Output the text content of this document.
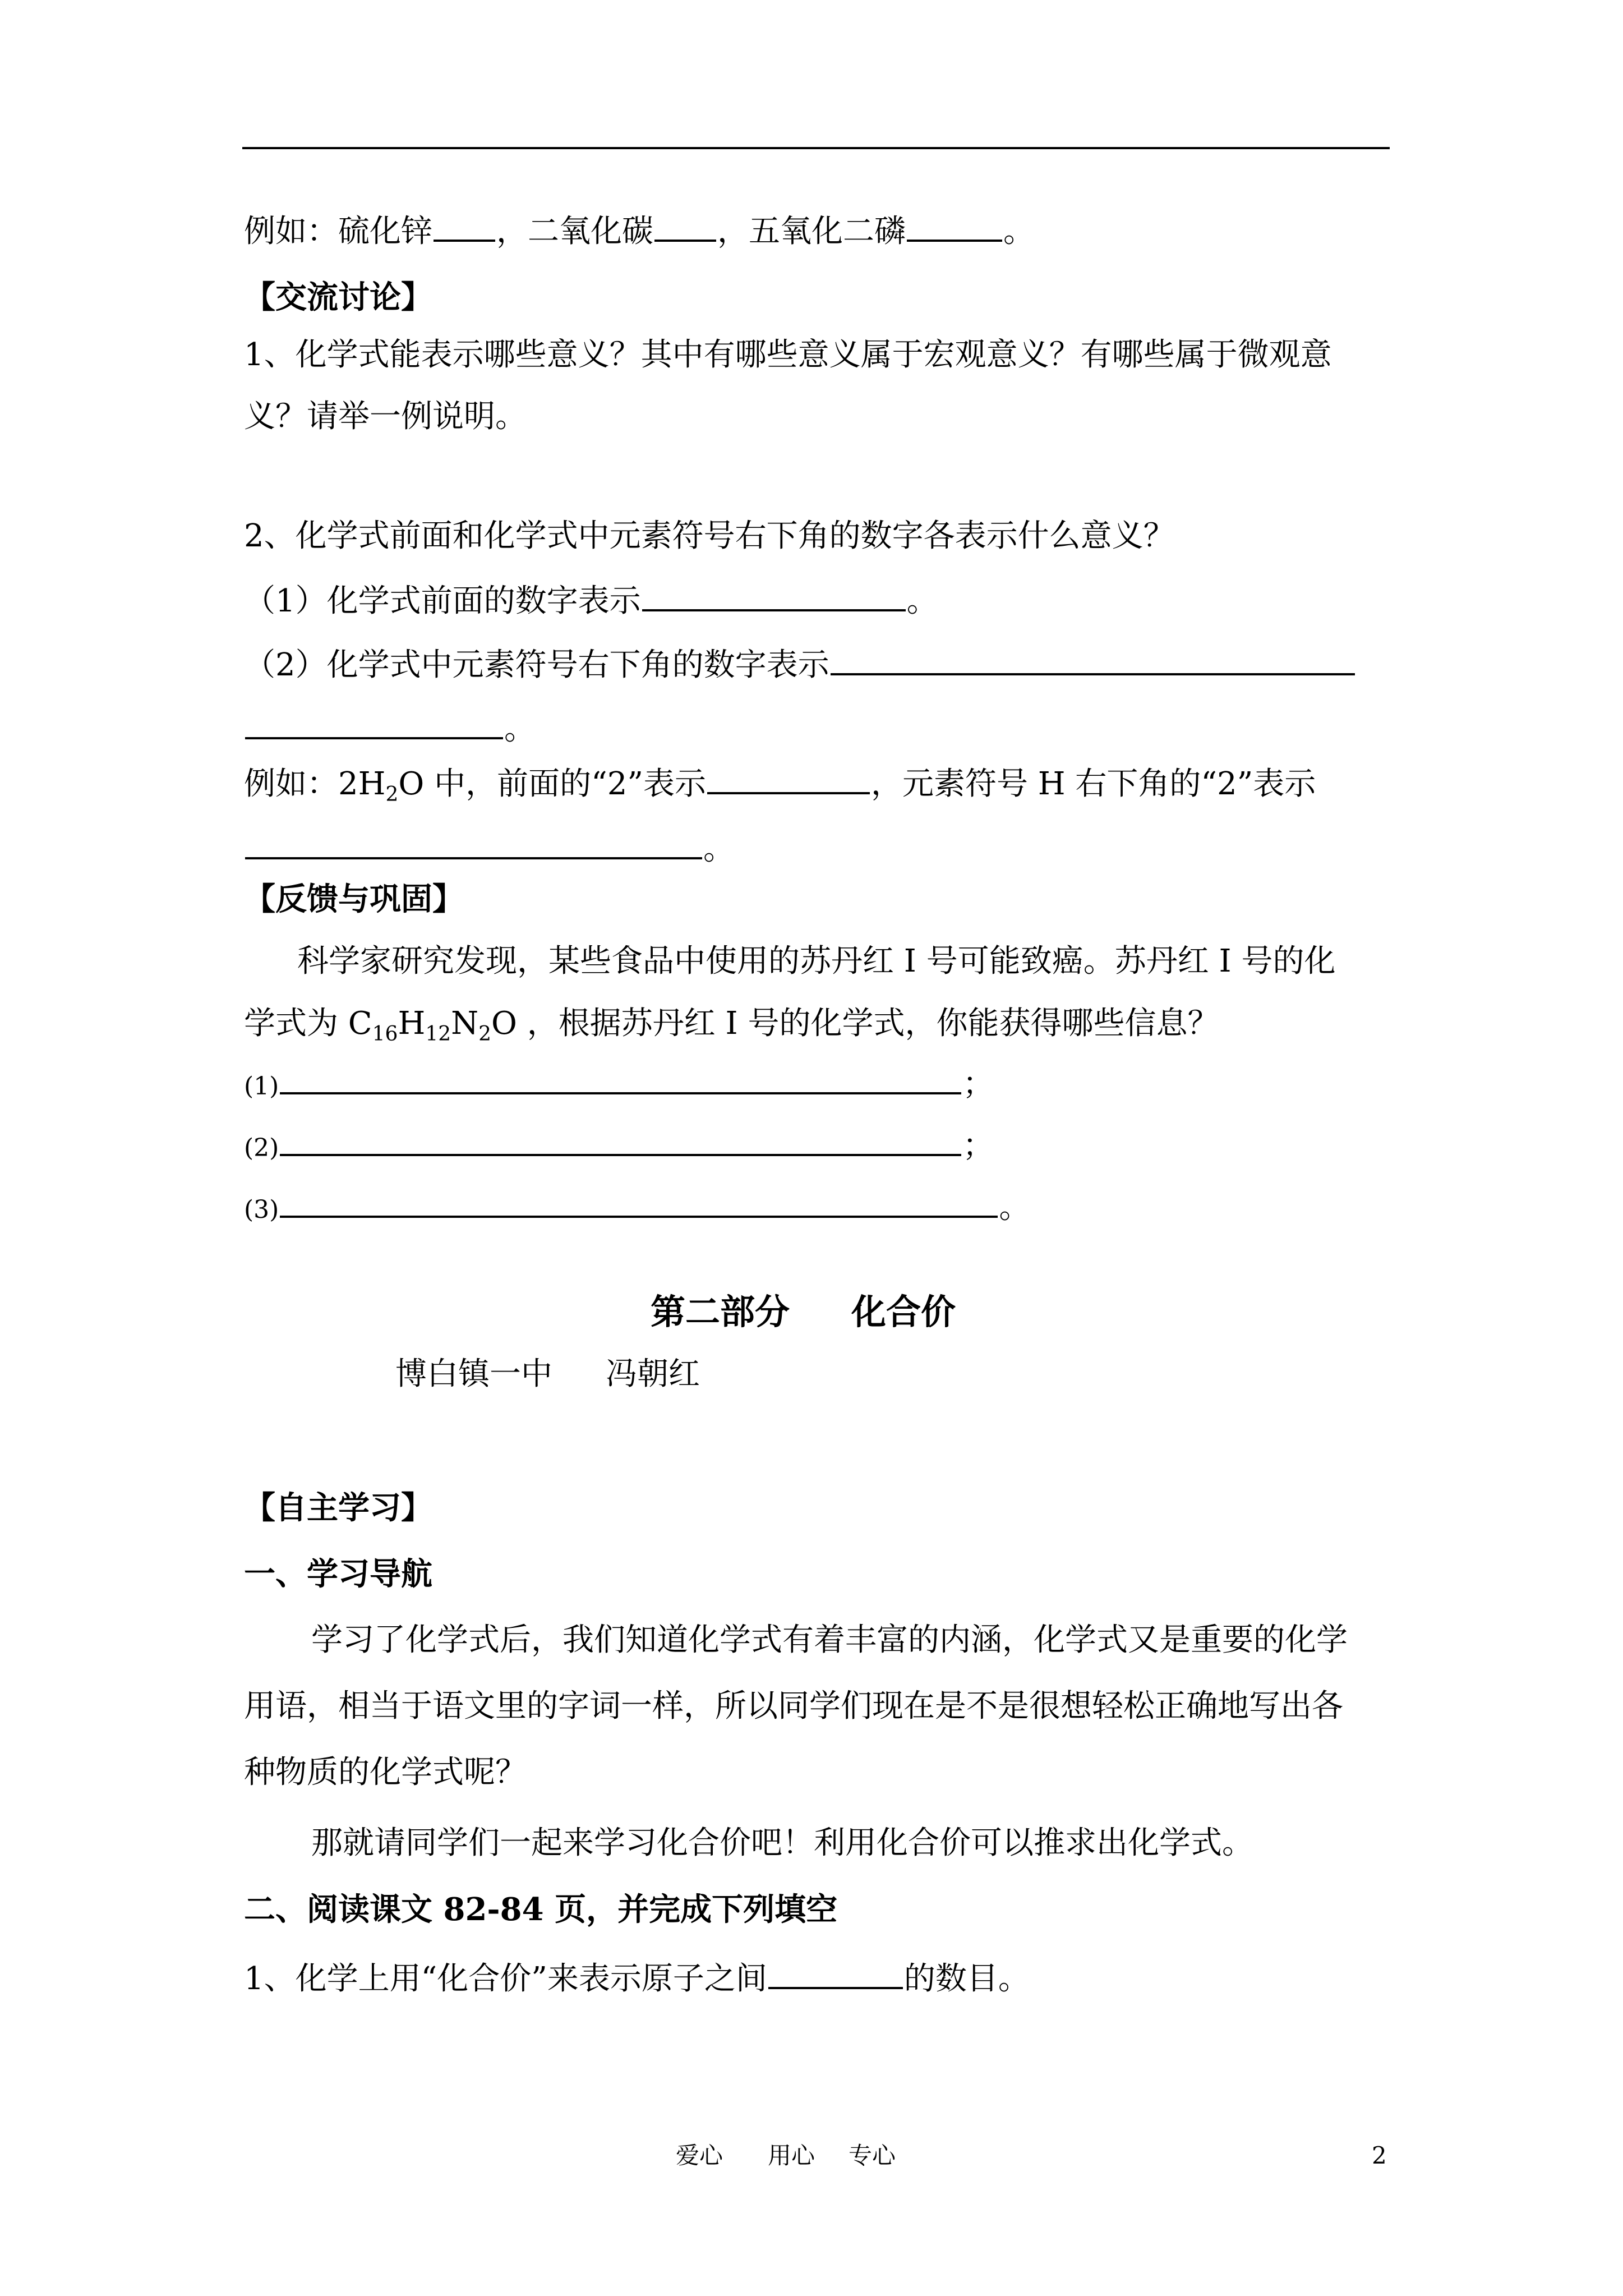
例如：硫化锌 ，二氧化碳 ，五氧化二磷	。
【交流讨论】
1、化学式能表示哪些意义？其中有哪些意义属于宏观意义？有哪些属于微观意
义？请举一例说明。
2、化学式前面和化学式中元素符号右下角的数字各表示什么意义？
（1）化学式前面的数字表示	。
（2）化学式中元素符号右下角的数字表示
。
例如：$2H_2O$ 中，前面的“2”表示	，元素符号 H 右下角的“2”表示
。
【反馈与巩固】
科学家研究发现，某些食品中使用的苏丹红 I 号可能致癌。苏丹红 I 号的化
学式为 $C_{16}H_{12}N_2O$ ，根据苏丹红 I 号的化学式，你能获得哪些信息？
(1)	；
(2)	；
(3)	。
第二部分 化合价
博白镇一中 冯朝红
【自主学习】
一、学习导航
学习了化学式后，我们知道化学式有着丰富的内涵，化学式又是重要的化学
用语，相当于语文里的字词一样，所以同学们现在是不是很想轻松正确地写出各
种物质的化学式呢？
那就请同学们一起来学习化合价吧！利用化合价可以推求出化学式。
二、阅读课文 82-84 页，并完成下列填空
1、化学上用“化合价”来表示原子之间	的数目。
爱心 用心 专心	2
